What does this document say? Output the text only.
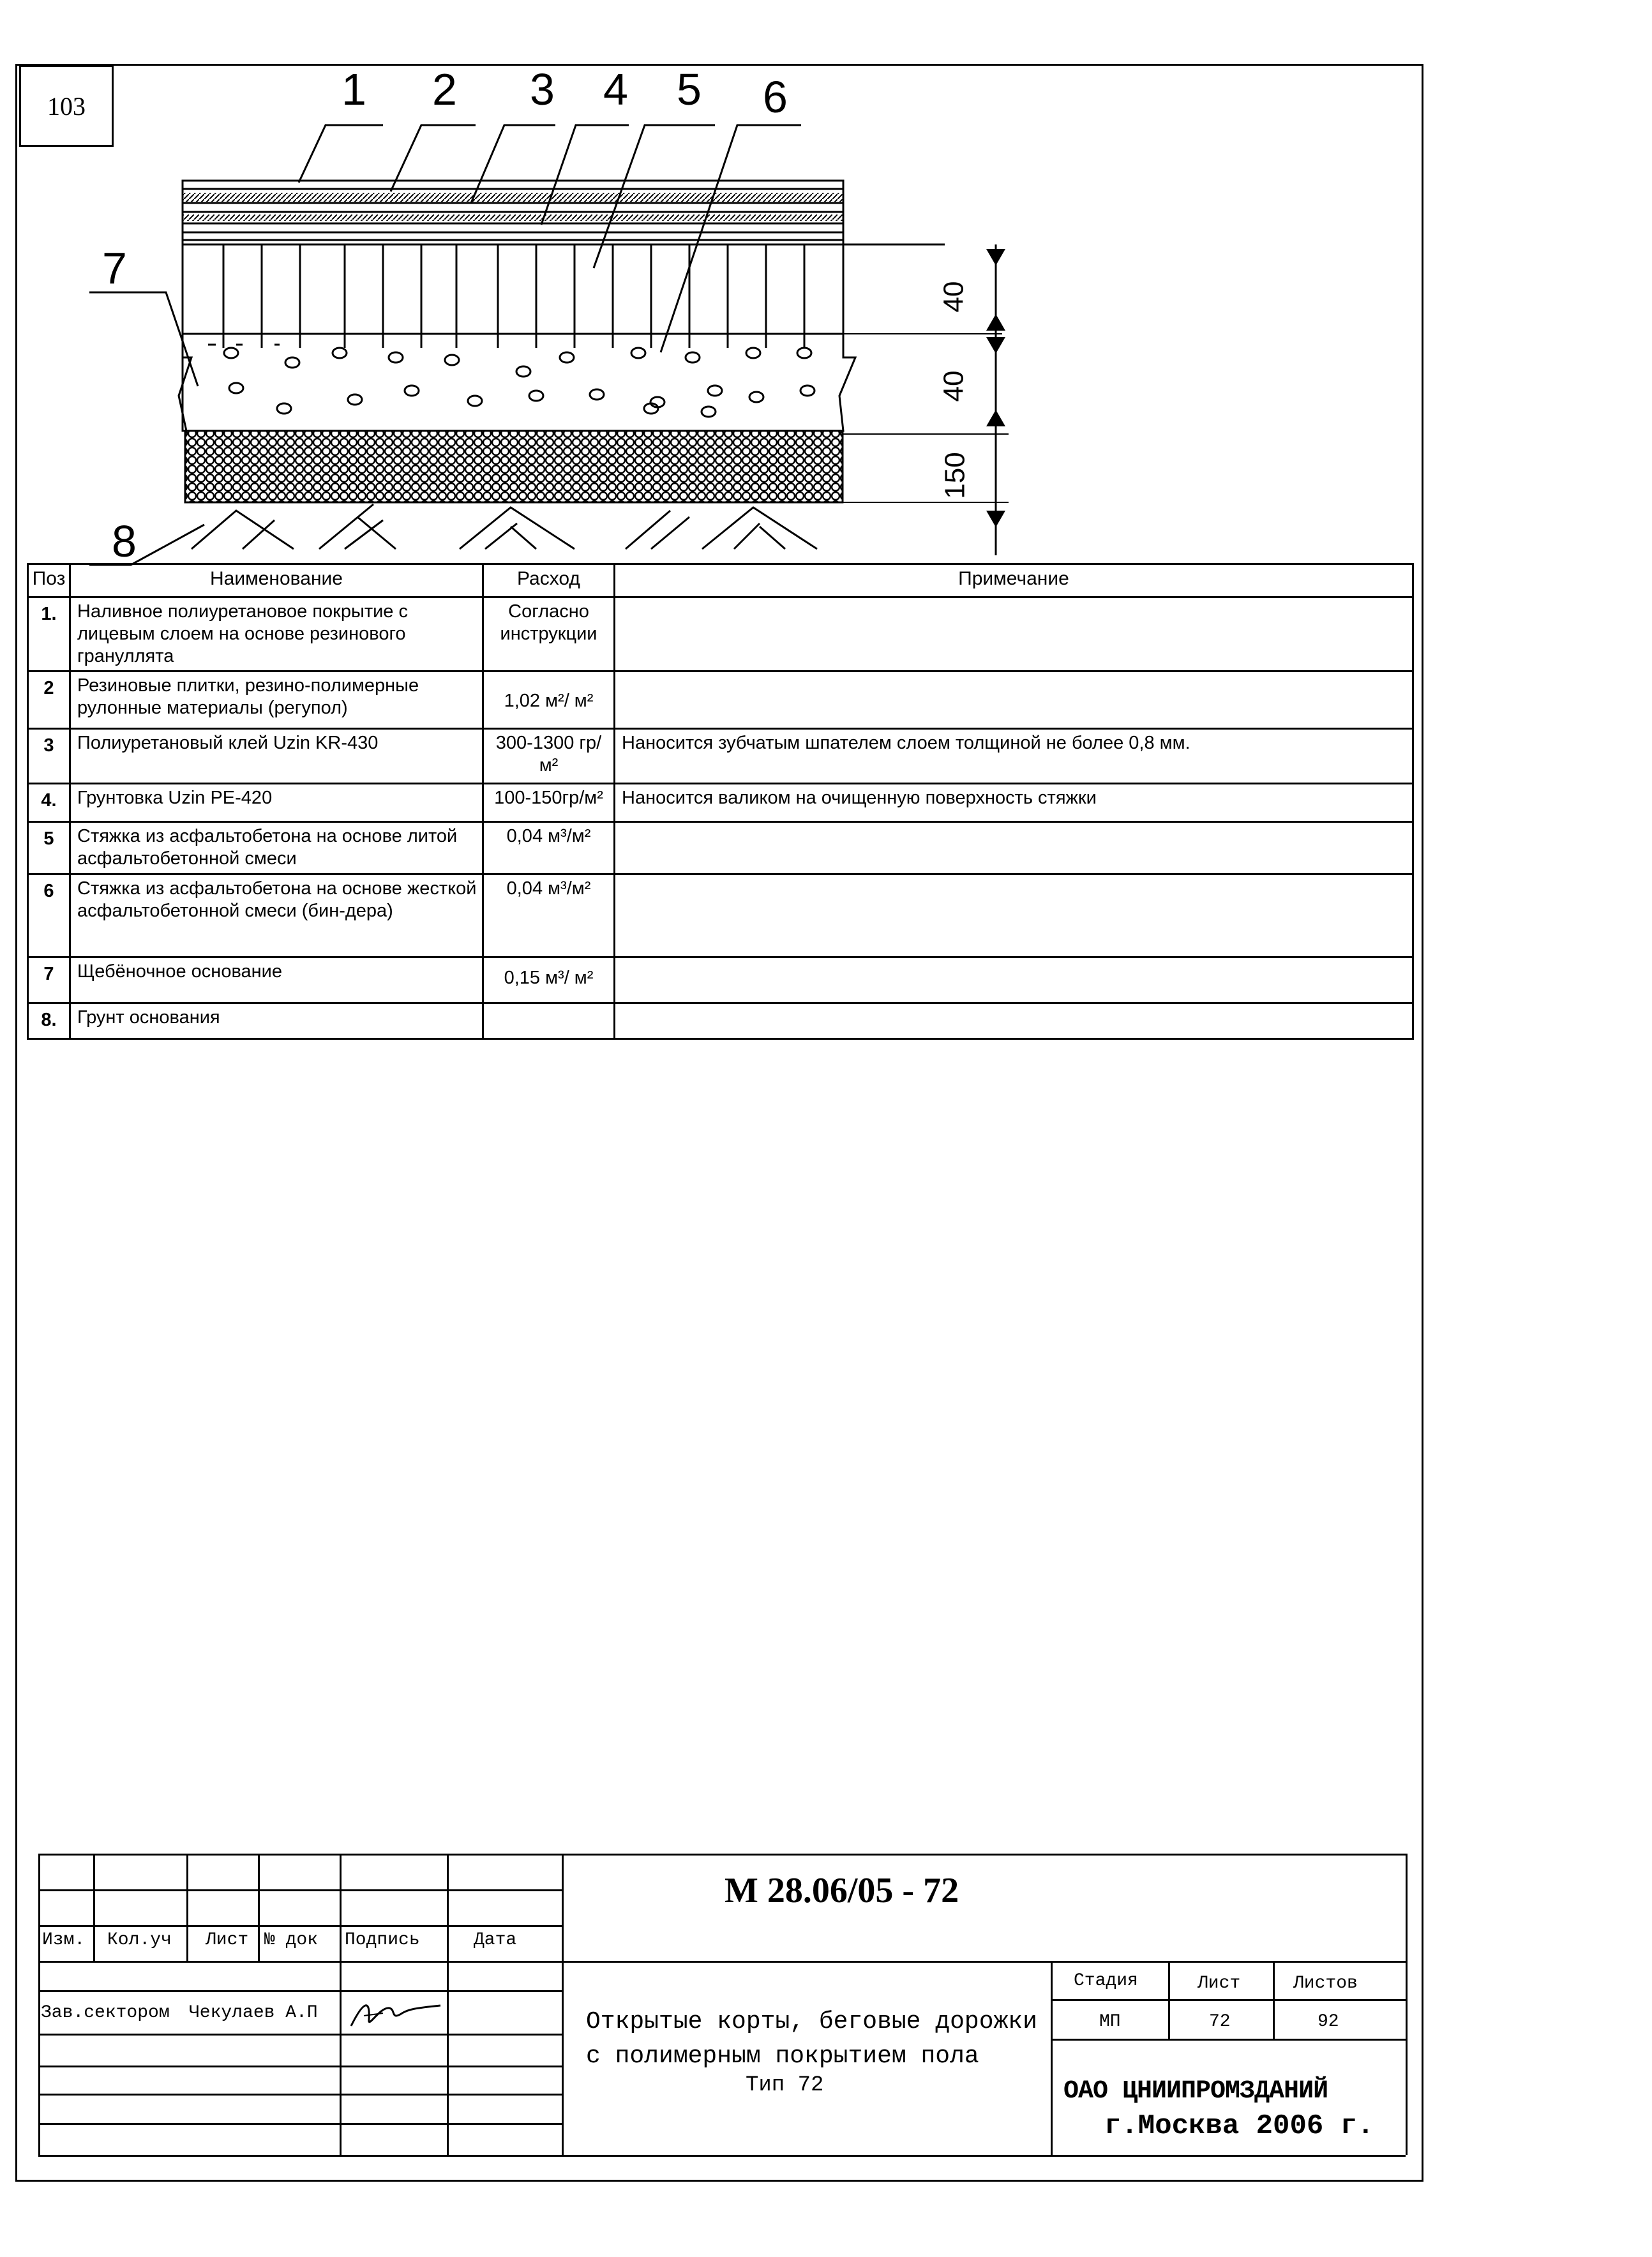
103	1 2 3 4 5 6
7
8
40
40
150
Поз	Наименование	Расход	Примечание
1.	Наливное полиуретановое покрытие с лицевым слоем на основе резинового грануллята	Согласно инструкции	
2	Резиновые плитки, резино-полимерные рулонные материалы (регупол)	1,02 м²/ м²	
3	Полиуретановый клей Uzin KR-430	300-1300 гр/м²	Наносится зубчатым шпателем слоем толщиной не более 0,8 мм.
4.	Грунтовка Uzin PE-420	100-150гр/м²	Наносится валиком на очищенную поверхность стяжки
5	Стяжка из асфальтобетона на основе литой асфальтобетонной смеси	0,04 м³/м²	
6	Стяжка из асфальтобетона на основе жесткой асфальтобетонной смеси (бин-дера)	0,04 м³/м²	
7	Щебёночное основание	0,15 м³/ м²	
8.	Грунт основания		
Изм. Кол.уч Лист № док Подпись	Дата
Зав.сектором Чекулаев А.П
М 28.06/05 - 72
Открытые корты, беговые дорожки
с полимерным покрытием пола
Тип 72
Стадия	Лист	Листов
МП	72	92
ОАО ЦНИИПРОМЗДАНИЙ
г.Москва 2006 г.
